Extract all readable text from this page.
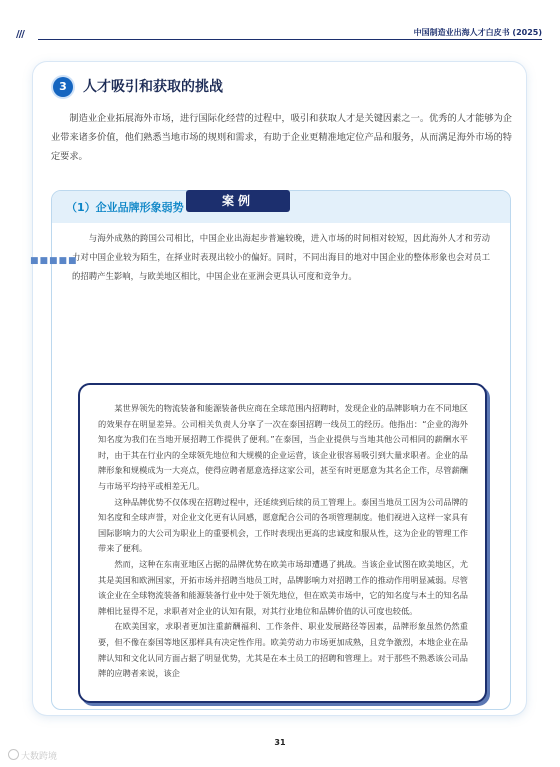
///	中国制造业出海人才白皮书 (2025)
3	人才吸引和获取的挑战

制造业企业拓展海外市场，进行国际化经营的过程中，吸引和获取人才是关键因素之一。优秀的人才能够为企业带来诸多价值，他们熟悉当地市场的规则和需求，有助于企业更精准地定位产品和服务，从而满足海外市场的特定要求。

（1）企业品牌形象弱势

与海外成熟的跨国公司相比，中国企业出海起步普遍较晚，进入市场的时间相对较短，因此海外人才和劳动力对中国企业较为陌生，在择业时表现出较小的偏好。同时，不同出海目的地对中国企业的整体形象也会对员工的招聘产生影响，与欧美地区相比，中国企业在亚洲会更具认可度和竞争力。

某世界领先的物流装备和能源装备供应商在全球范围内招聘时，发现企业的品牌影响力在不同地区的效果存在明显差异。公司相关负责人分享了一次在泰国招聘一线员工的经历。他指出：“企业的海外知名度为我们在当地开展招聘工作提供了便利。”在泰国，当企业提供与当地其他公司相同的薪酬水平时，由于其在行业内的全球领先地位和大规模的企业运营，该企业很容易吸引到大量求职者。企业的品牌形象和规模成为一大亮点，使得应聘者愿意选择这家公司，甚至有时更愿意为其名企工作，尽管薪酬与市场平均持平或相差无几。

这种品牌优势不仅体现在招聘过程中，还延续到后续的员工管理上。泰国当地员工因为公司品牌的知名度和全球声誉，对企业文化更有认同感，愿意配合公司的各项管理制度。他们视进入这样一家具有国际影响力的大公司为职业上的重要机会，工作时表现出更高的忠诚度和服从性，这为企业的管理工作带来了便利。

然而，这种在东南亚地区占据的品牌优势在欧美市场却遭遇了挑战。当该企业试图在欧美地区，尤其是美国和欧洲国家，开拓市场并招聘当地员工时，品牌影响力对招聘工作的推动作用明显减弱。尽管该企业在全球物流装备和能源装备行业中处于领先地位，但在欧美市场中，它的知名度与本土的知名品牌相比显得不足，求职者对企业的认知有限，对其行业地位和品牌价值的认可度也较低。

在欧美国家，求职者更加注重薪酬福利、工作条件、职业发展路径等因素，品牌形象虽然仍然重要，但不像在泰国等地区那样具有决定性作用。欧美劳动力市场更加成熟，且竞争激烈，本地企业在品牌认知和文化认同方面占据了明显优势，尤其是在本土员工的招聘和管理上。对于那些不熟悉该公司品牌的应聘者来说，该企

■■■■■
案例
31
大数跨境
